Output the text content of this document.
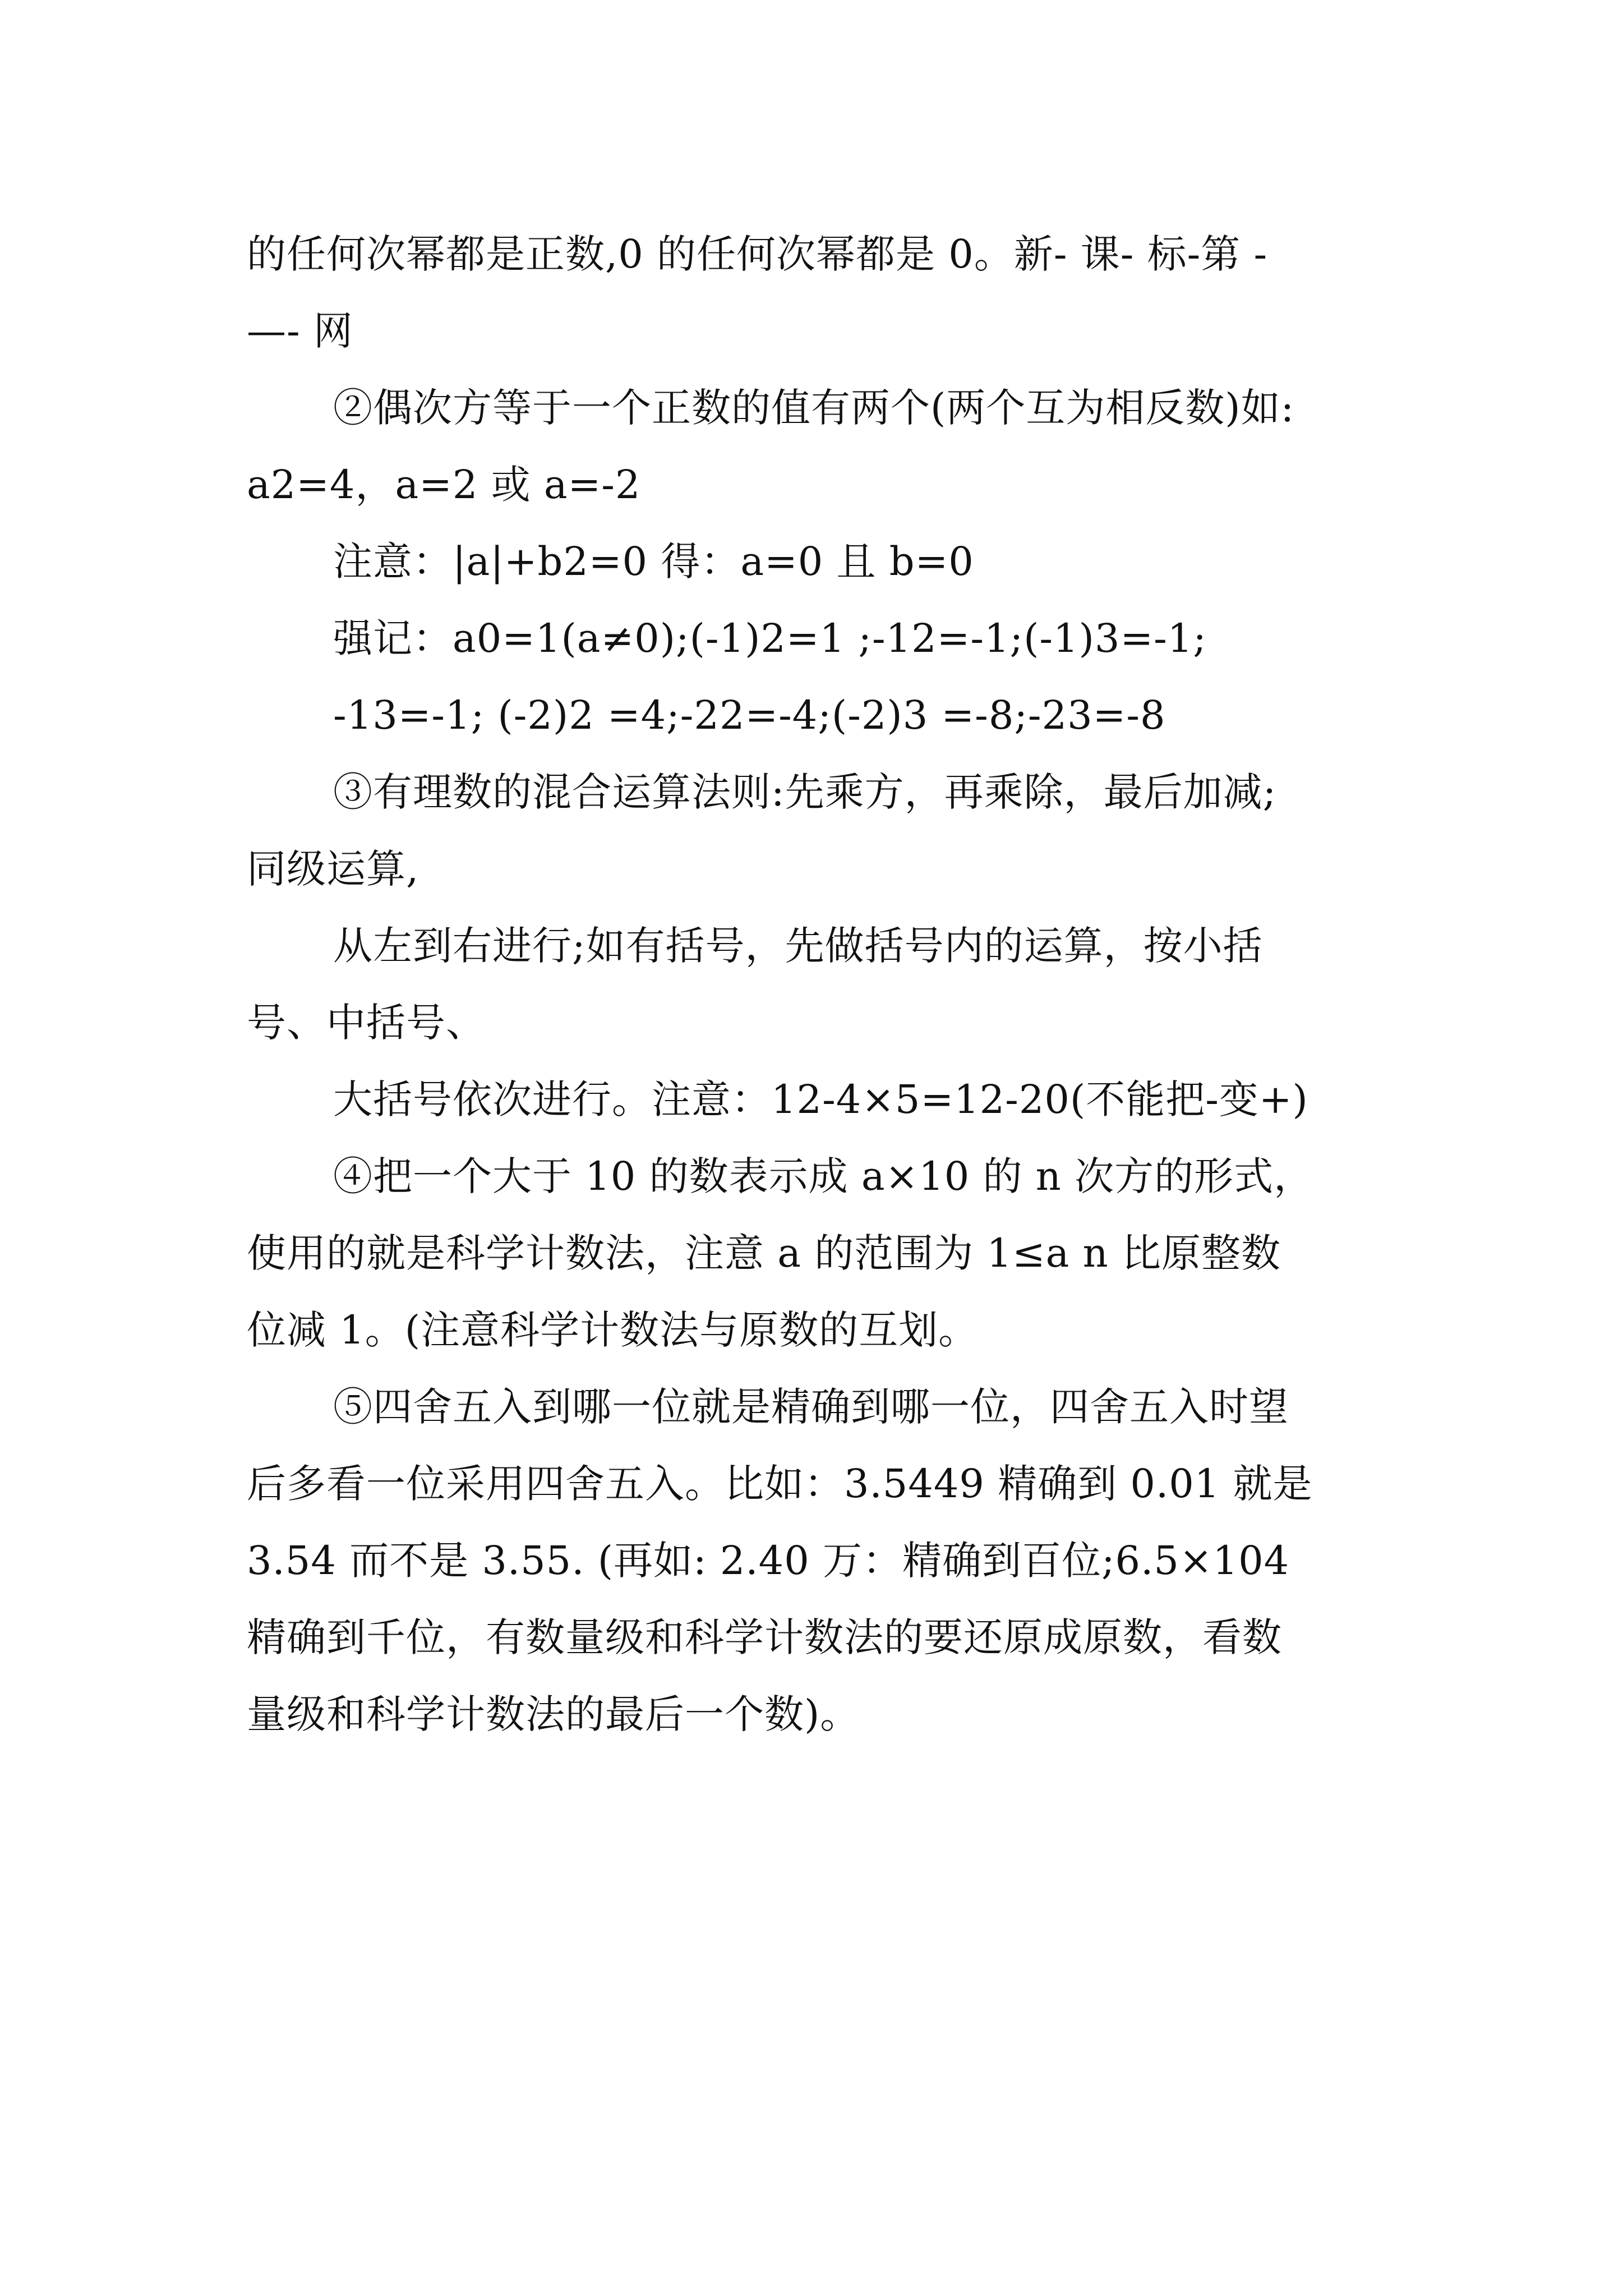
的任何次幂都是正数,0 的任何次幂都是 0。新- 课- 标-第 -
—- 网
②偶次方等于一个正数的值有两个(两个互为相反数)如:
a2=4，a=2 或 a=-2
注意：|a|+b2=0 得：a=0 且 b=0
强记：a0=1(a≠0);(-1)2=1 ;-12=-1;(-1)3=-1;
-13=-1; (-2)2 =4;-22=-4;(-2)3 =-8;-23=-8
③有理数的混合运算法则:先乘方，再乘除，最后加减;
同级运算,
从左到右进行;如有括号，先做括号内的运算，按小括
号、中括号、
大括号依次进行。注意：12-4×5=12-20(不能把-变+)
④把一个大于 10 的数表示成 a×10 的 n 次方的形式，
使用的就是科学计数法，注意 a 的范围为 1≤a n 比原整数
位减 1。(注意科学计数法与原数的互划。
⑤四舍五入到哪一位就是精确到哪一位，四舍五入时望
后多看一位采用四舍五入。比如：3.5449 精确到 0.01 就是
3.54 而不是 3.55. (再如: 2.40 万：精确到百位;6.5×104
精确到千位，有数量级和科学计数法的要还原成原数，看数
量级和科学计数法的最后一个数)。
